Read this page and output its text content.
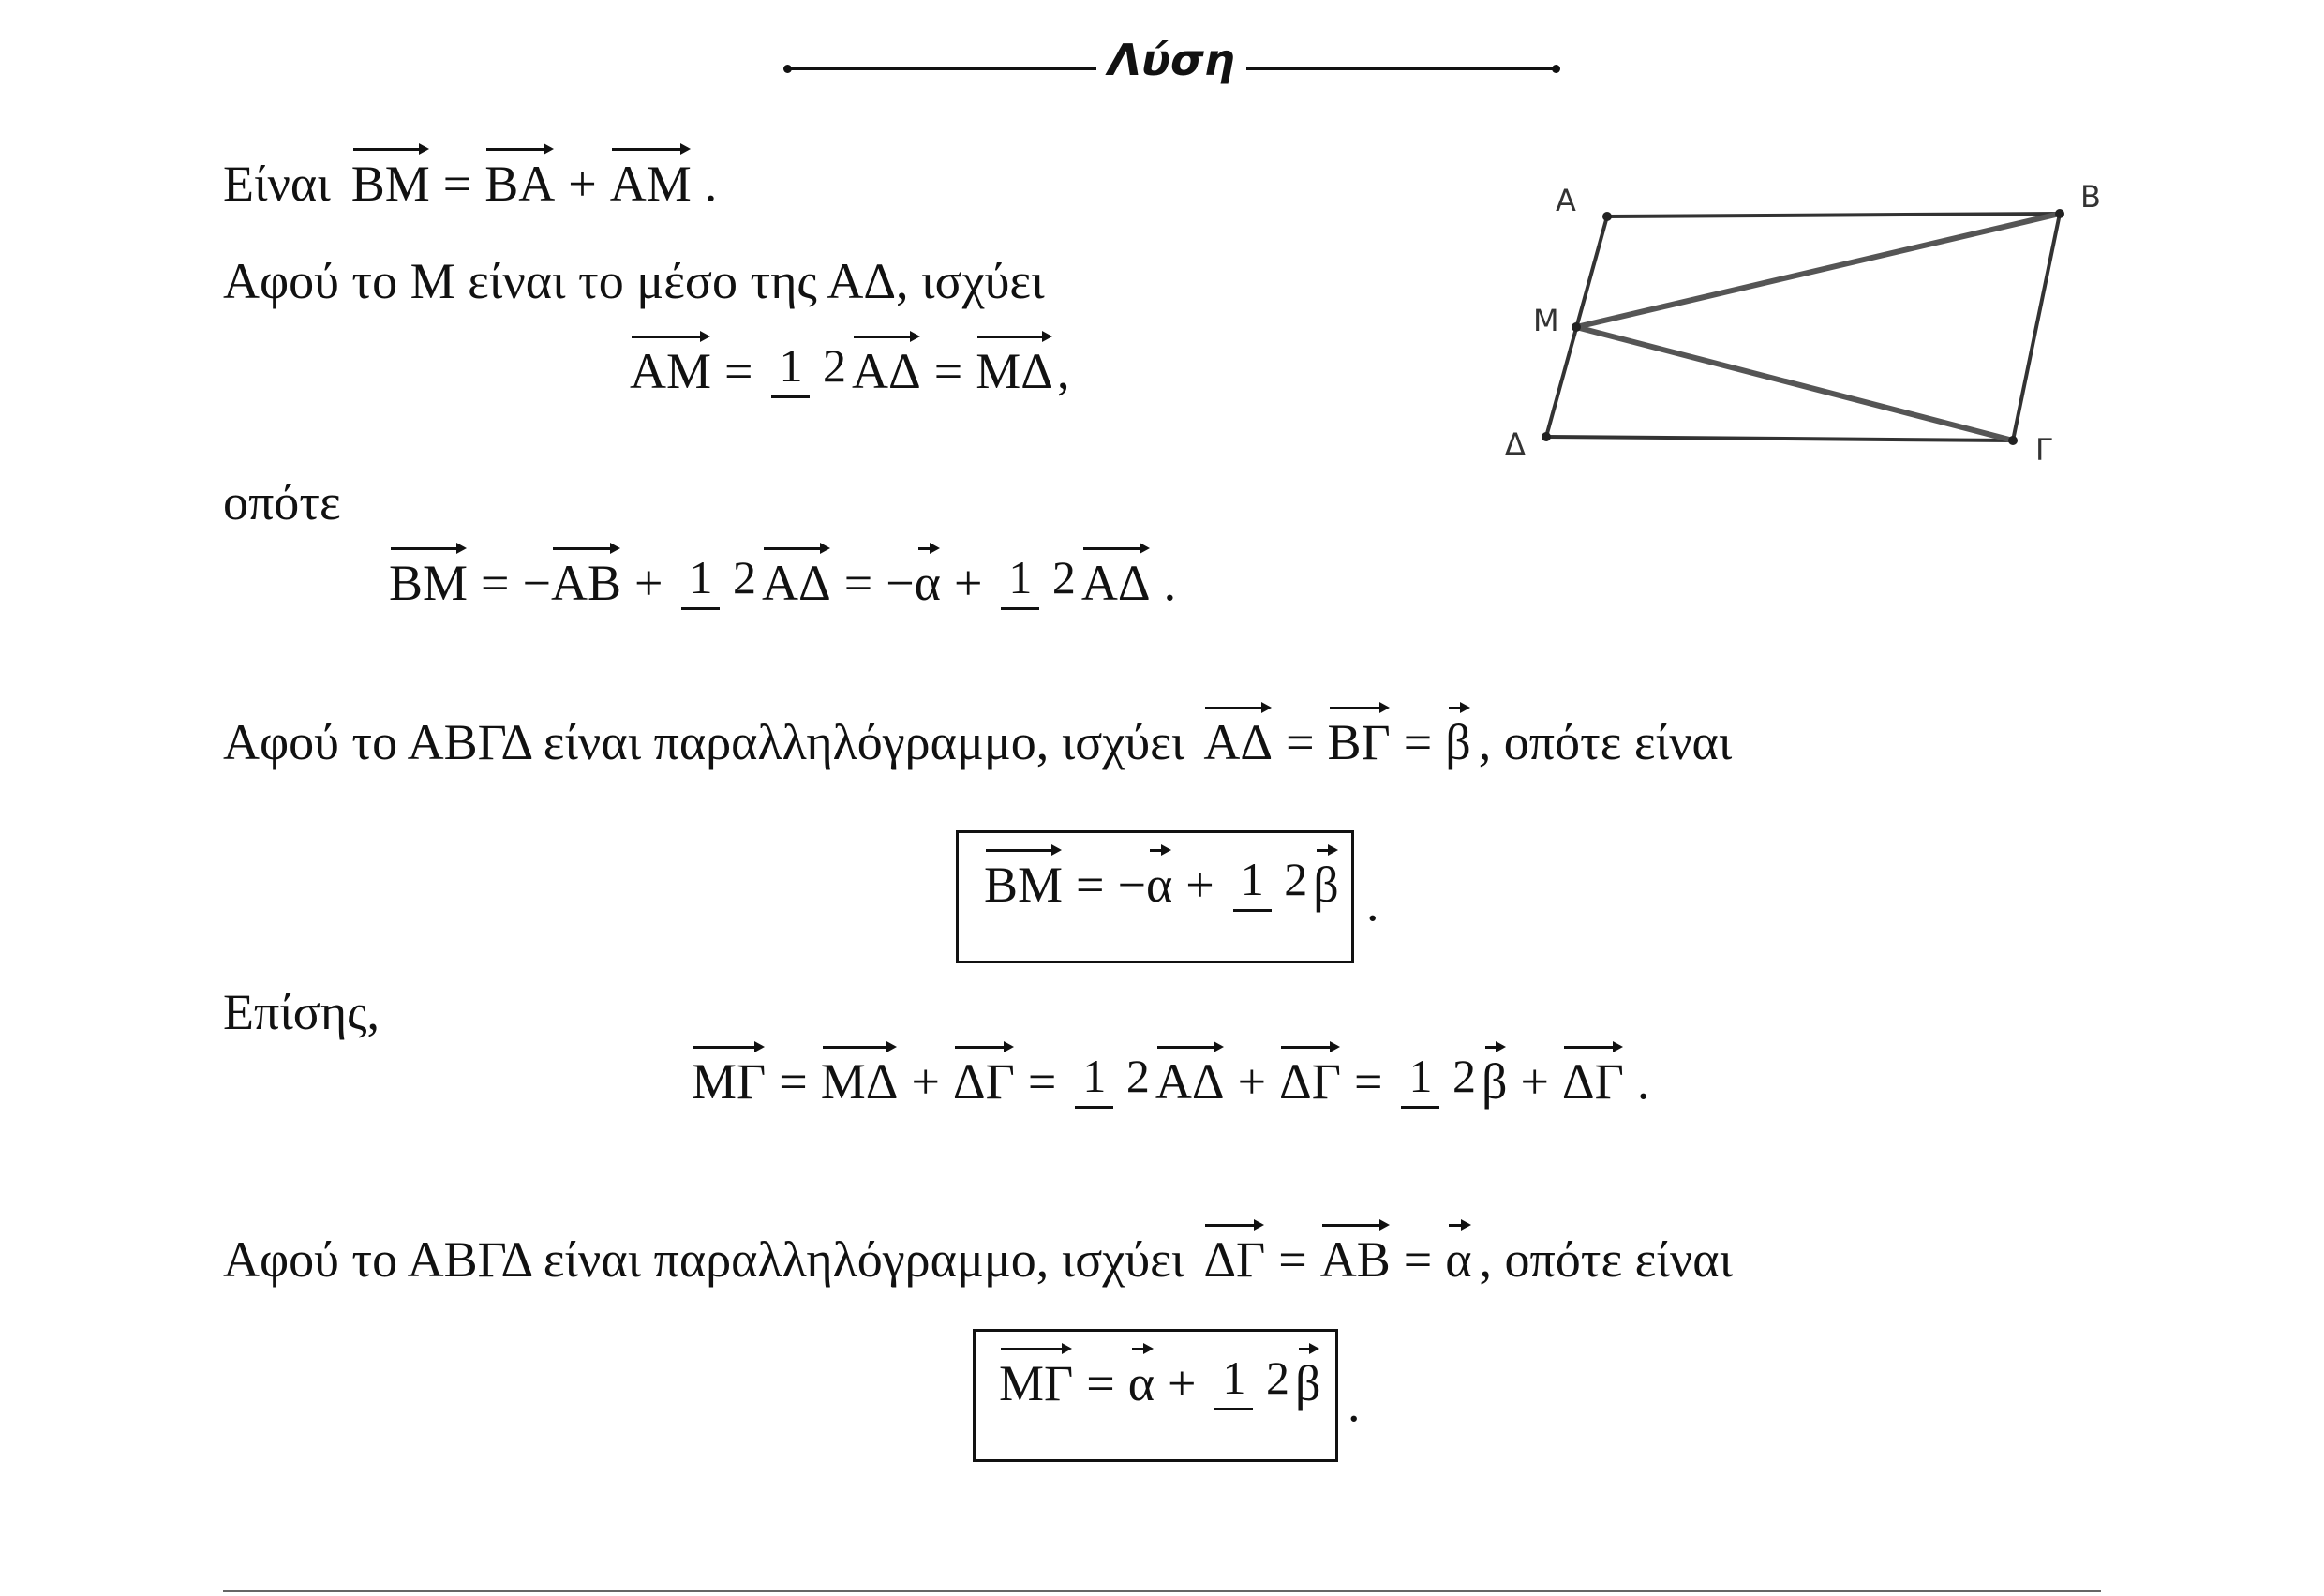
Λύση
Είναι BM = BA + AM .
Αφού το Μ είναι το μέσο της ΑΔ, ισχύει
AM = 1 2 ΑΔ = ΜΔ ,
οπότε
BM = − AB + 1 2 ΑΔ = − α + 1 2 ΑΔ .
Αφού το ΑΒΓΔ είναι παραλληλόγραμμο, ισχύει ΑΔ = ΒΓ = β , οπότε είναι
BM = − α + 1 2 β .
Επίσης,
ΜΓ = ΜΔ + ΔΓ = 1 2 ΑΔ + ΔΓ = 1 2 β + ΔΓ .
Αφού το ΑΒΓΔ είναι παραλληλόγραμμο, ισχύει ΔΓ = AB = α , οπότε είναι
ΜΓ = α + 1 2 β .
A	B
M
Δ	Γ
